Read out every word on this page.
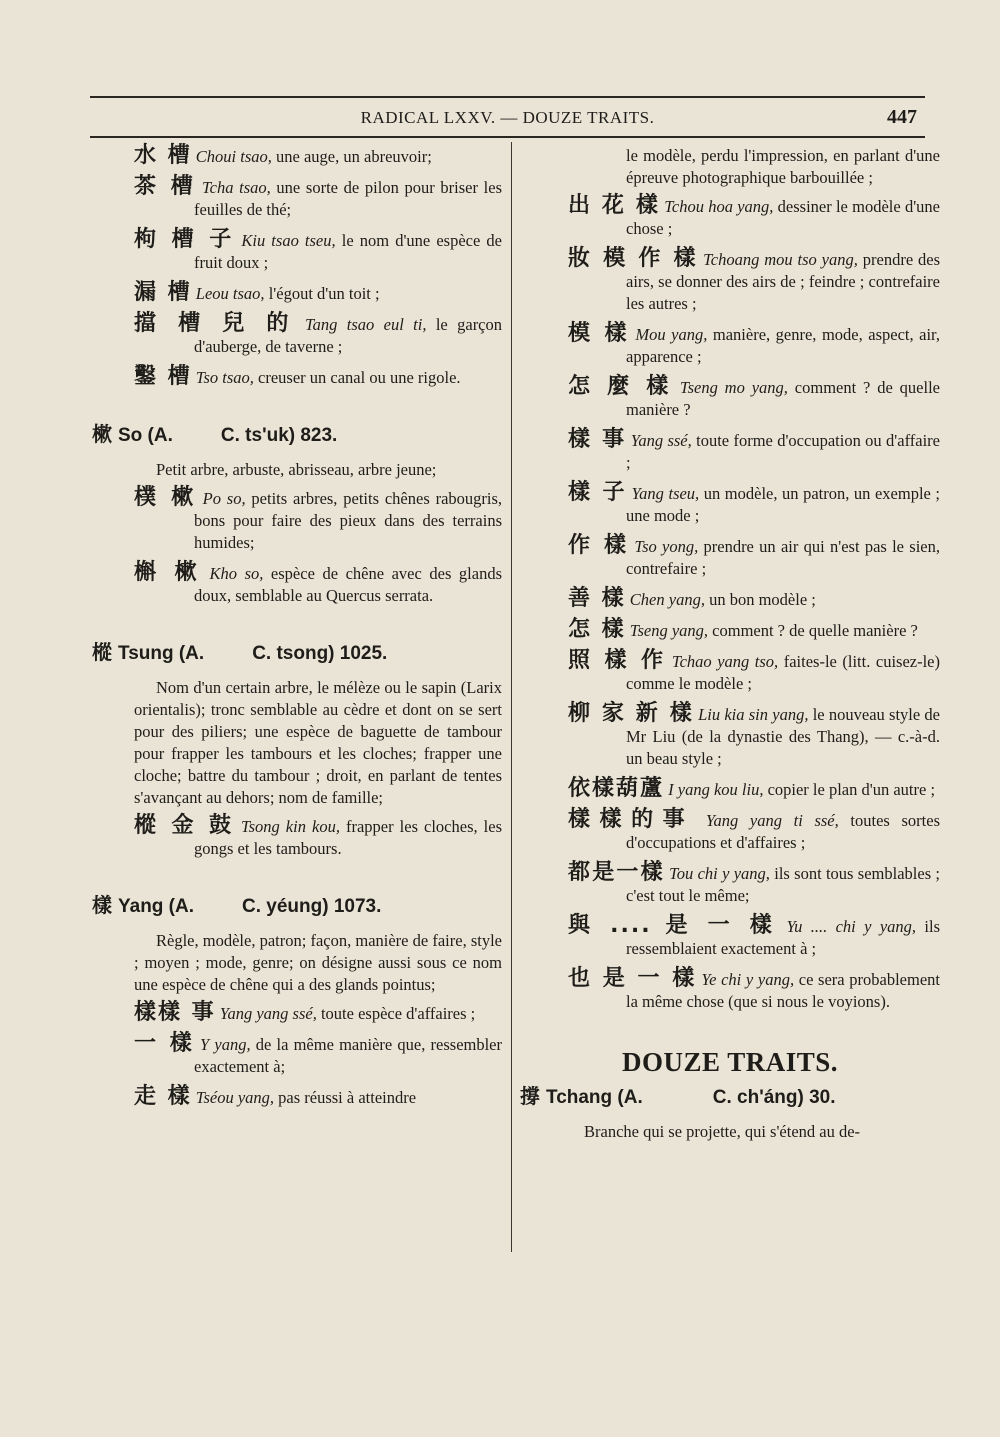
RADICAL LXXV. — DOUZE TRAITS.	447

水 槽 Choui tsao, une auge, un abreuvoir;

茶 槽 Tcha tsao, une sorte de pilon pour briser les feuilles de thé;

枸 槽 子 Kiu tsao tseu, le nom d'une espèce de fruit doux ;

漏 槽 Leou tsao, l'égout d'un toit ;

擋 槽 兒 的 Tang tsao eul ti, le garçon d'auberge, de taverne ;

鑿 槽 Tso tsao, creuser un canal ou une rigole.

樕 So (A.	C. ts'uk) 823.

Petit arbre, arbuste, abrisseau, arbre jeune;

樸 樕 Po so, petits arbres, petits chênes rabougris, bons pour faire des pieux dans des terrains humides;

槲 樕 Kho so, espèce de chêne avec des glands doux, semblable au Quercus serrata.

樅 Tsung (A.	C. tsong) 1025.

Nom d'un certain arbre, le mélèze ou le sapin (Larix orientalis); tronc semblable au cèdre et dont on se sert pour des piliers; une espèce de baguette de tambour pour frapper les tambours et les cloches; frapper une cloche; battre du tambour ; droit, en parlant de tentes s'avançant au dehors; nom de famille;

樅 金 鼓 Tsong kin kou, frapper les cloches, les gongs et les tambours.

樣 Yang (A.	C. yéung) 1073.

Règle, modèle, patron; façon, manière de faire, style ; moyen ; mode, genre; on désigne aussi sous ce nom une espèce de chêne qui a des glands pointus;

樣樣 事 Yang yang ssé, toute espèce d'affaires ;

一 樣 Y yang, de la même manière que, ressembler exactement à;

走 樣 Tséou yang, pas réussi à atteindre

le modèle, perdu l'impression, en parlant d'une épreuve photographique barbouillée ;

出 花 樣 Tchou hoa yang, dessiner le modèle d'une chose ;

妝 模 作 樣 Tchoang mou tso yang, prendre des airs, se donner des airs de ; feindre ; contrefaire les autres ;

模 樣 Mou yang, manière, genre, mode, aspect, air, apparence ;

怎 麼 樣 Tseng mo yang, comment ? de quelle manière ?

樣 事 Yang ssé, toute forme d'occupation ou d'affaire ;

樣 子 Yang tseu, un modèle, un patron, un exemple ; une mode ;

作 樣 Tso yong, prendre un air qui n'est pas le sien, contrefaire ;

善 樣 Chen yang, un bon modèle ;

怎 樣 Tseng yang, comment ? de quelle manière ?

照 樣 作 Tchao yang tso, faites-le (litt. cuisez-le) comme le modèle ;

柳 家 新 樣 Liu kia sin yang, le nouveau style de Mr Liu (de la dynastie des Thang), — c.-à-d. un beau style ;

依樣葫蘆 I yang kou liu, copier le plan d'un autre ;

樣樣的事 Yang yang ti ssé, toutes sortes d'occupations et d'affaires ;

都是一樣 Tou chi y yang, ils sont tous semblables ; c'est tout le même;

與 .... 是 一 樣 Yu .... chi y yang, ils ressemblaient exactement à ;

也 是 一 樣 Ye chi y yang, ce sera probablement la même chose (que si nous le voyions).

DOUZE TRAITS.
撐 Tchang (A.	C. ch'áng) 30.

Branche qui se projette, qui s'étend au de-
